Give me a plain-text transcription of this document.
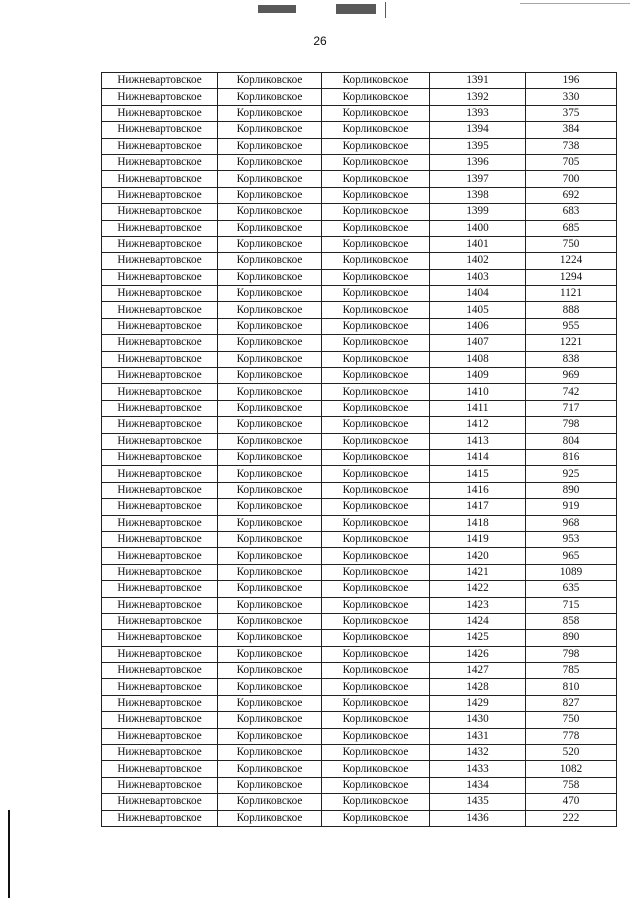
26
Нижневартовское	Корликовское	Корликовское	1391	196
Нижневартовское	Корликовское	Корликовское	1392	330
Нижневартовское	Корликовское	Корликовское	1393	375
Нижневартовское	Корликовское	Корликовское	1394	384
Нижневартовское	Корликовское	Корликовское	1395	738
Нижневартовское	Корликовское	Корликовское	1396	705
Нижневартовское	Корликовское	Корликовское	1397	700
Нижневартовское	Корликовское	Корликовское	1398	692
Нижневартовское	Корликовское	Корликовское	1399	683
Нижневартовское	Корликовское	Корликовское	1400	685
Нижневартовское	Корликовское	Корликовское	1401	750
Нижневартовское	Корликовское	Корликовское	1402	1224
Нижневартовское	Корликовское	Корликовское	1403	1294
Нижневартовское	Корликовское	Корликовское	1404	1121
Нижневартовское	Корликовское	Корликовское	1405	888
Нижневартовское	Корликовское	Корликовское	1406	955
Нижневартовское	Корликовское	Корликовское	1407	1221
Нижневартовское	Корликовское	Корликовское	1408	838
Нижневартовское	Корликовское	Корликовское	1409	969
Нижневартовское	Корликовское	Корликовское	1410	742
Нижневартовское	Корликовское	Корликовское	1411	717
Нижневартовское	Корликовское	Корликовское	1412	798
Нижневартовское	Корликовское	Корликовское	1413	804
Нижневартовское	Корликовское	Корликовское	1414	816
Нижневартовское	Корликовское	Корликовское	1415	925
Нижневартовское	Корликовское	Корликовское	1416	890
Нижневартовское	Корликовское	Корликовское	1417	919
Нижневартовское	Корликовское	Корликовское	1418	968
Нижневартовское	Корликовское	Корликовское	1419	953
Нижневартовское	Корликовское	Корликовское	1420	965
Нижневартовское	Корликовское	Корликовское	1421	1089
Нижневартовское	Корликовское	Корликовское	1422	635
Нижневартовское	Корликовское	Корликовское	1423	715
Нижневартовское	Корликовское	Корликовское	1424	858
Нижневартовское	Корликовское	Корликовское	1425	890
Нижневартовское	Корликовское	Корликовское	1426	798
Нижневартовское	Корликовское	Корликовское	1427	785
Нижневартовское	Корликовское	Корликовское	1428	810
Нижневартовское	Корликовское	Корликовское	1429	827
Нижневартовское	Корликовское	Корликовское	1430	750
Нижневартовское	Корликовское	Корликовское	1431	778
Нижневартовское	Корликовское	Корликовское	1432	520
Нижневартовское	Корликовское	Корликовское	1433	1082
Нижневартовское	Корликовское	Корликовское	1434	758
Нижневартовское	Корликовское	Корликовское	1435	470
Нижневартовское	Корликовское	Корликовское	1436	222
